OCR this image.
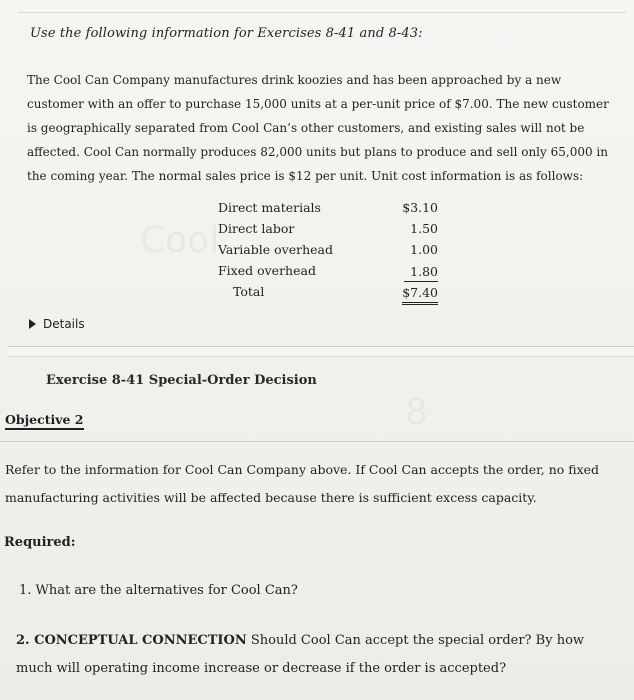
Cool
8
Use the following information for Exercises 8-41 and 8-43:
The Cool Can Company manufactures drink koozies and has been approached by a new customer with an offer to purchase 15,000 units at a per-unit price of $7.00. The new customer is geographically separated from Cool Can’s other customers, and existing sales will not be affected. Cool Can normally produces 82,000 units but plans to produce and sell only 65,000 in the coming year. The normal sales price is $12 per unit. Unit cost information is as follows:
Direct materials	$3.10
Direct labor	1.50
Variable overhead	1.00
Fixed overhead	1.80
Total	$7.40
Details
Exercise 8-41 Special-Order Decision
Objective 2
Refer to the information for Cool Can Company above. If Cool Can accepts the order, no fixed manufacturing activities will be affected because there is sufficient excess capacity.
Required:
1. What are the alternatives for Cool Can?
2. CONCEPTUAL CONNECTION Should Cool Can accept the special order? By how much will operating income increase or decrease if the order is accepted?
